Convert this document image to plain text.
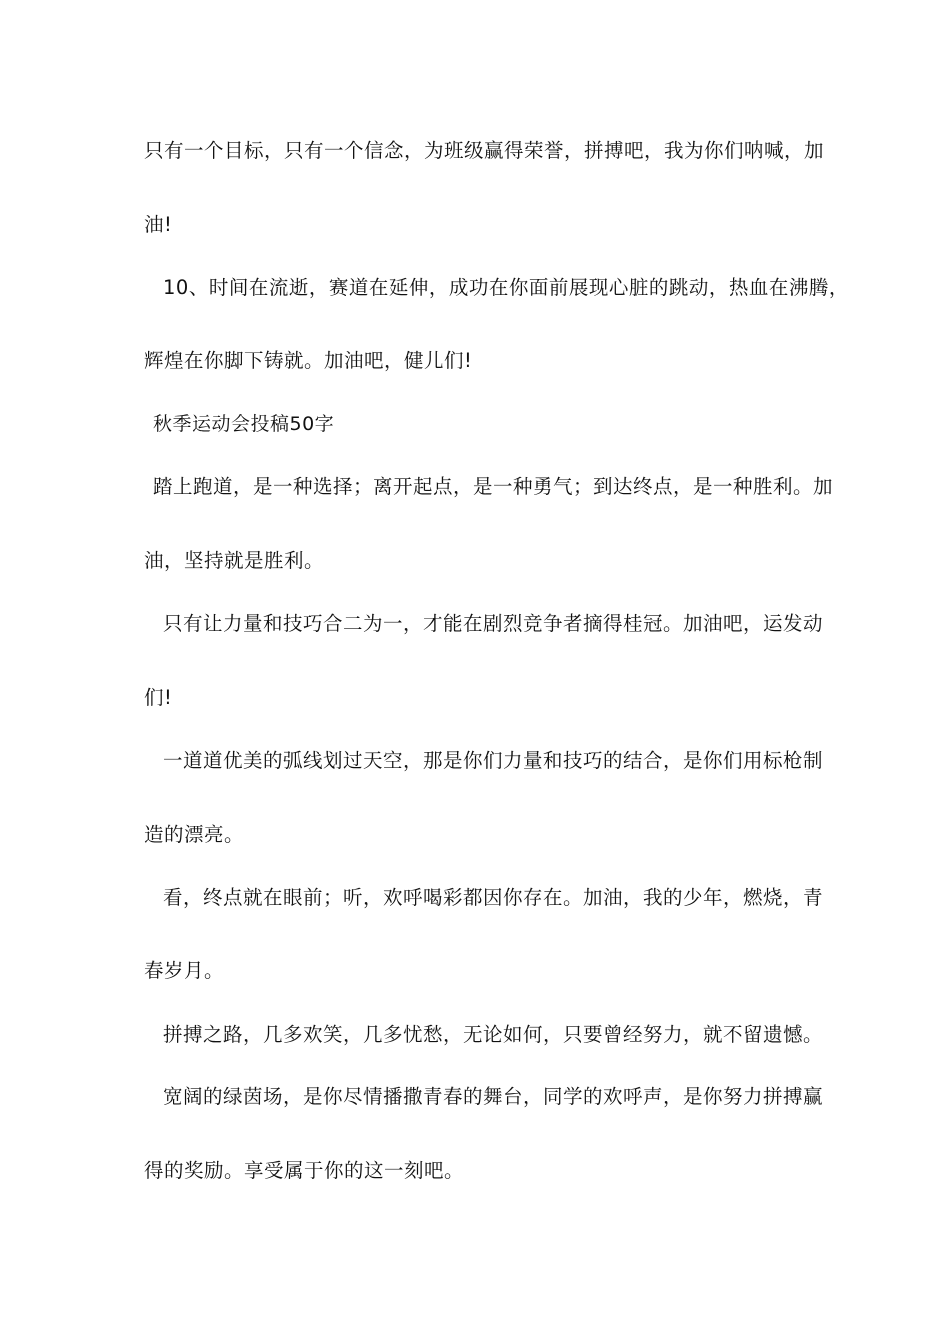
只有一个目标，只有一个信念，为班级赢得荣誉，拼搏吧，我为你们呐喊，加

油!

10、时间在流逝，赛道在延伸，成功在你面前展现心脏的跳动，热血在沸腾，

辉煌在你脚下铸就。加油吧，健儿们!

秋季运动会投稿50字

踏上跑道，是一种选择；离开起点，是一种勇气；到达终点，是一种胜利。加

油，坚持就是胜利。

只有让力量和技巧合二为一，才能在剧烈竞争者摘得桂冠。加油吧，运发动

们!

一道道优美的弧线划过天空，那是你们力量和技巧的结合，是你们用标枪制

造的漂亮。

看，终点就在眼前；听，欢呼喝彩都因你存在。加油，我的少年，燃烧，青

春岁月。

拼搏之路，几多欢笑，几多忧愁，无论如何，只要曾经努力，就不留遗憾。

宽阔的绿茵场，是你尽情播撒青春的舞台，同学的欢呼声，是你努力拼搏赢

得的奖励。享受属于你的这一刻吧。
